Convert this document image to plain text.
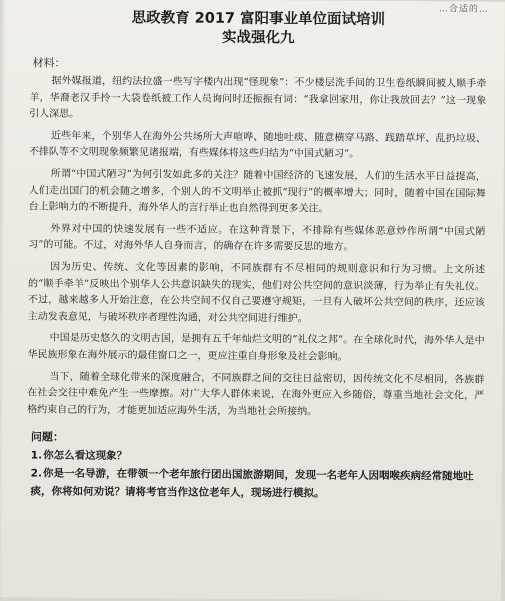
…合适的…
思政教育 2017 富阳事业单位面试培训
实战强化九
材料：

据外媒报道，纽约法拉盛一些写字楼内出现“怪现象”：不少楼层洗手间的卫生卷纸瞬间被人顺手牵羊，华裔老汉手拎一大袋卷纸被工作人员询问时还振振有词：“我拿回家用，你让我放回去？”这一现象引人深思。

近些年来，个别华人在海外公共场所大声喧哗、随地吐痰、随意横穿马路、践踏草坪、乱扔垃圾、不排队等不文明现象频繁见诸报端，有些媒体将这些归结为“中国式陋习”。

所谓“中国式陋习”为何引发如此多的关注？随着中国经济的飞速发展，人们的生活水平日益提高，人们走出国门的机会随之增多，个别人的不文明举止被抓“现行”的概率增大；同时，随着中国在国际舞台上影响力的不断提升，海外华人的言行举止也自然得到更多关注。

外界对中国的快速发展有一些不适应。在这种背景下，不排除有些媒体恶意炒作所谓“中国式陋习”的可能。不过，对海外华人自身而言，的确存在许多需要反思的地方。

因为历史、传统、文化等因素的影响，不同族群有不尽相同的规则意识和行为习惯。上文所述的“顺手牵羊”反映出个别华人公共意识缺失的现实，他们对公共空间的意识淡薄，行为举止有失礼仪。不过，越来越多人开始注意，在公共空间不仅自己要遵守规矩，一旦有人破坏公共空间的秩序，还应该主动发表意见，与破坏秩序者理性沟通，对公共空间进行维护。

中国是历史悠久的文明古国，是拥有五千年灿烂文明的“礼仪之邦”。在全球化时代，海外华人是中华民族形象在海外展示的最佳窗口之一，更应注重自身形象及社会影响。

当下，随着全球化带来的深度融合，不同族群之间的交往日益密切，因传统文化不尽相同，各族群在社会交往中难免产生一些摩擦。对广大华人群体来说，在海外更应入乡随俗，尊重当地社会文化，严格约束自己的行为，才能更加适应海外生活，为当地社会所接纳。

问题：
1.你怎么看这现象？
2.你是一名导游，在带领一个老年旅行团出国旅游期间，发现一名老年人因咽喉疾病经常随地吐痰，你将如何劝说？请将考官当作这位老年人，现场进行模拟。
